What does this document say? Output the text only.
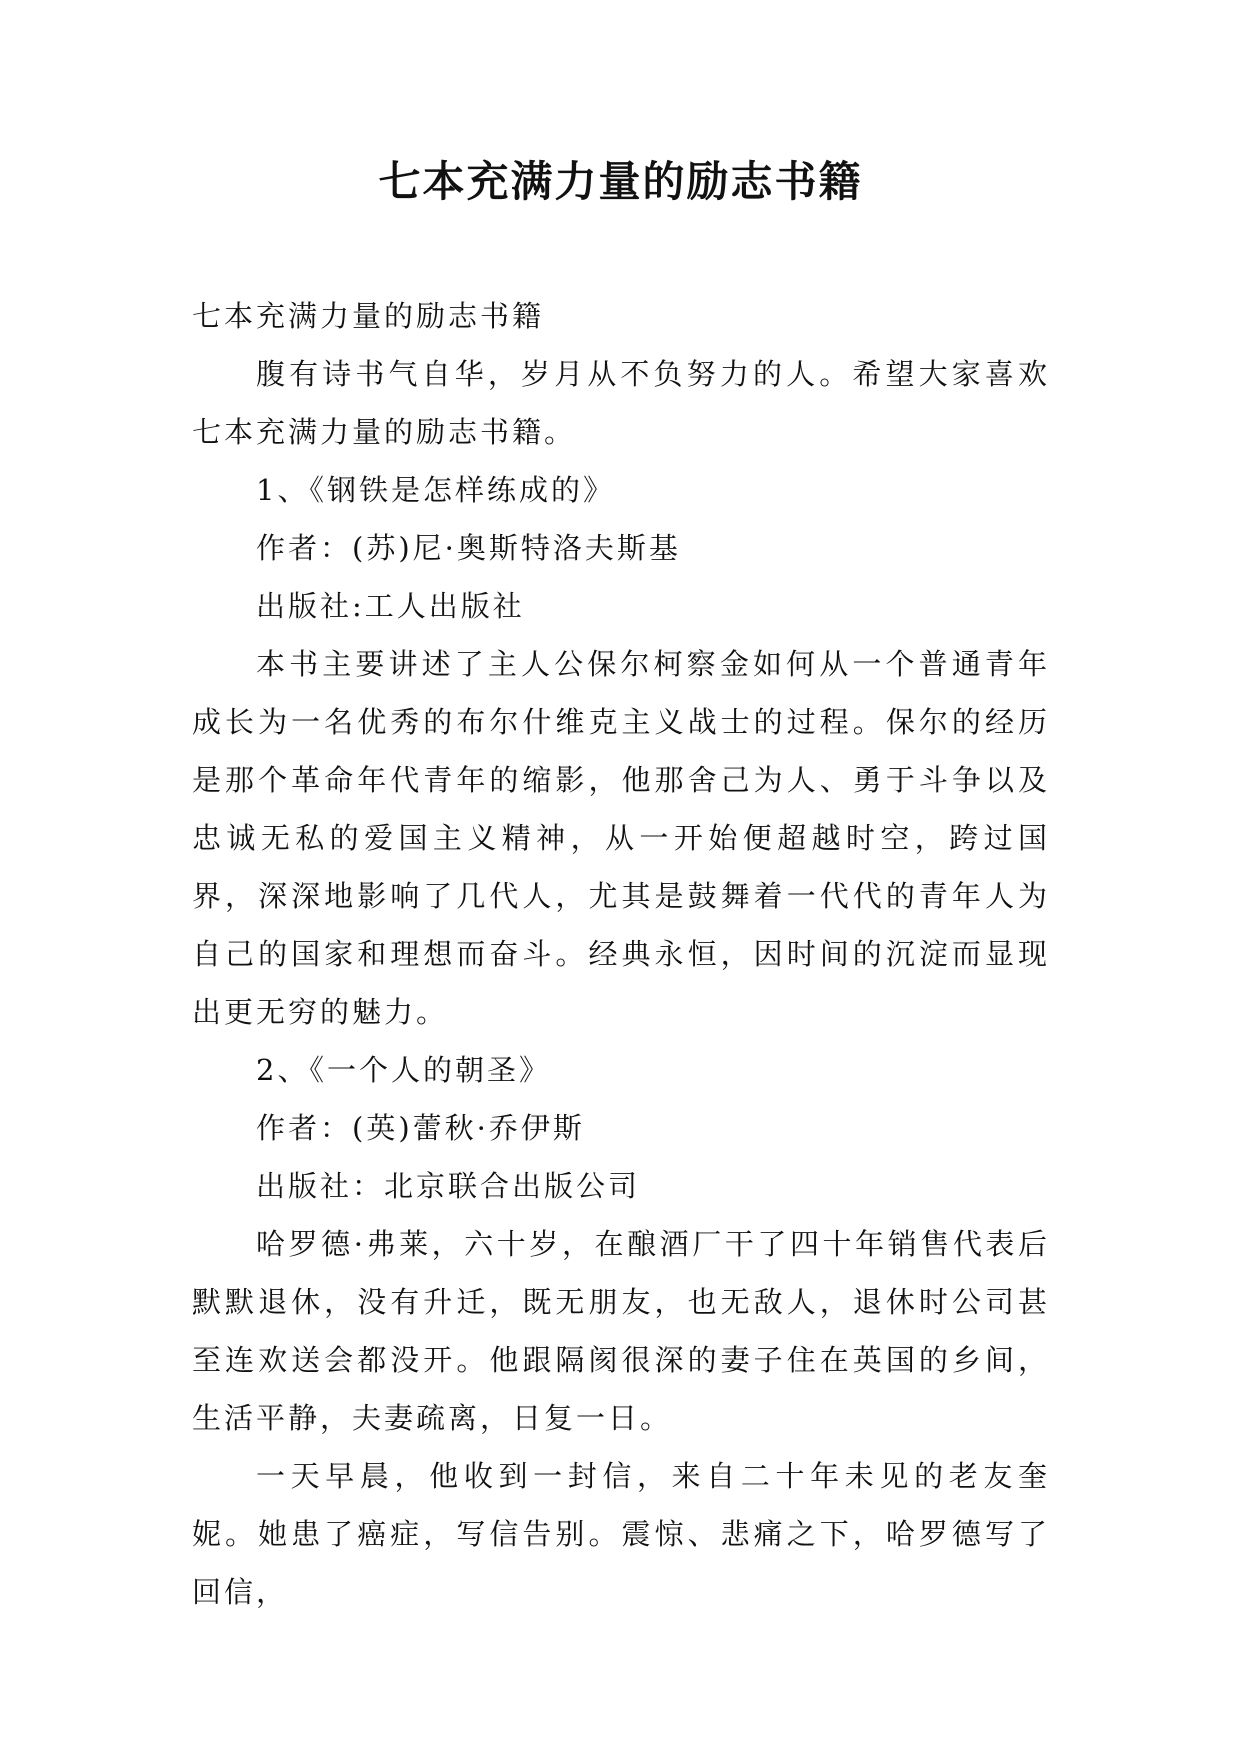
七本充满力量的励志书籍

七本充满力量的励志书籍

腹有诗书气自华，岁月从不负努力的人。希望大家喜欢七本充满力量的励志书籍。

1、《钢铁是怎样练成的》

作者：(苏)尼·奥斯特洛夫斯基

出版社:工人出版社

本书主要讲述了主人公保尔柯察金如何从一个普通青年成长为一名优秀的布尔什维克主义战士的过程。保尔的经历是那个革命年代青年的缩影，他那舍己为人、勇于斗争以及忠诚无私的爱国主义精神，从一开始便超越时空，跨过国界，深深地影响了几代人，尤其是鼓舞着一代代的青年人为自己的国家和理想而奋斗。经典永恒，因时间的沉淀而显现出更无穷的魅力。

2、《一个人的朝圣》

作者：(英)蕾秋·乔伊斯

出版社：北京联合出版公司

哈罗德·弗莱，六十岁，在酿酒厂干了四十年销售代表后默默退休，没有升迁，既无朋友，也无敌人，退休时公司甚至连欢送会都没开。他跟隔阂很深的妻子住在英国的乡间，生活平静，夫妻疏离，日复一日。

一天早晨，他收到一封信，来自二十年未见的老友奎妮。她患了癌症，写信告别。震惊、悲痛之下，哈罗德写了回信，
